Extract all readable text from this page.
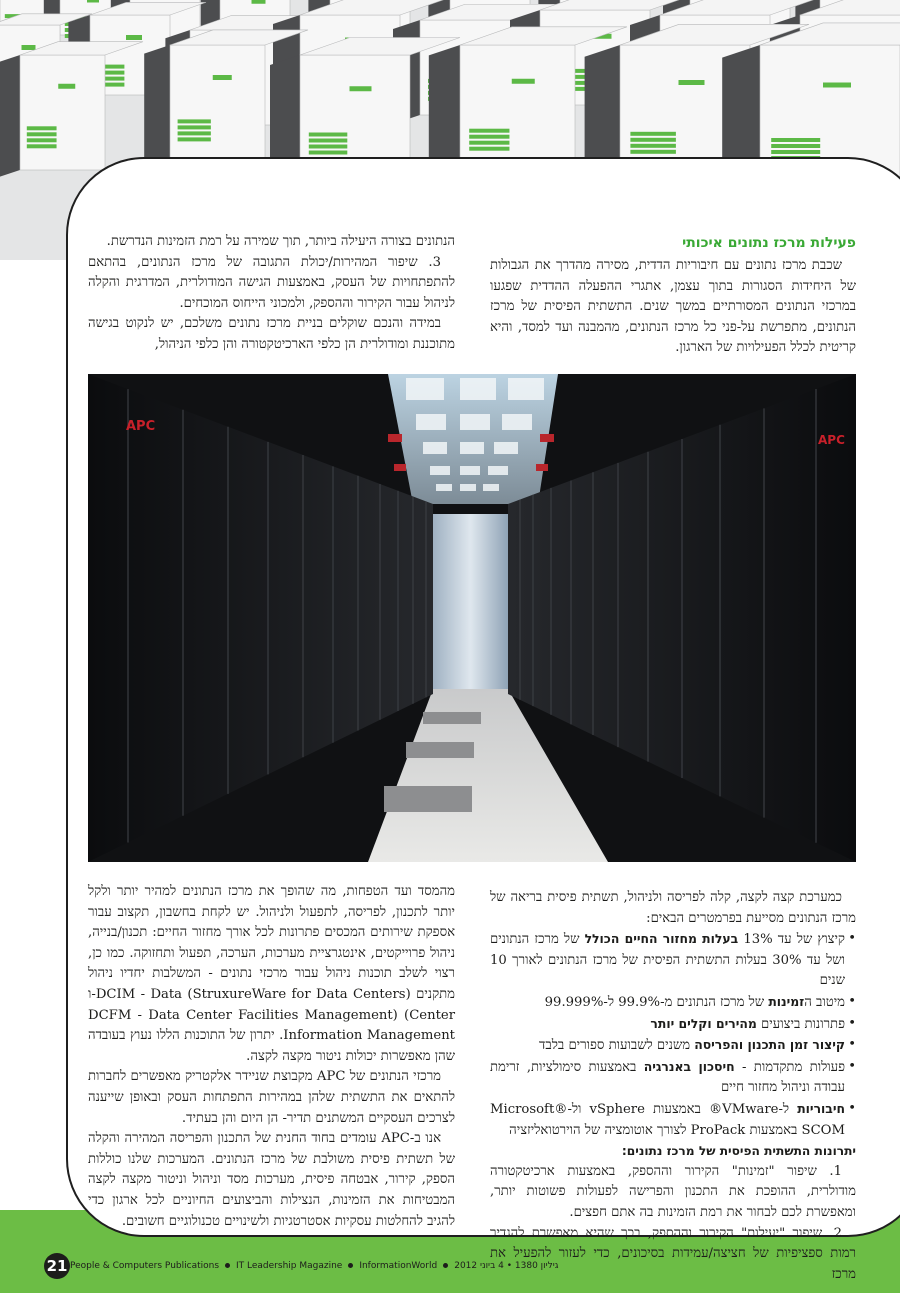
פעילות מרכז נתונים איכותי

שכבת מרכז נתונים עם חיבוריות הדדית, מסירה מהדרך את הגבולות של היחידות הסגורות בתוך עצמן, אתגרי ההפעלה ההדדית שפגעו במרכזי הנתונים המסורתיים במשך שנים. התשתית הפיסית של מרכז הנתונים, מתפרשת על-פני כל מרכז הנתונים, מהמבנה ועד למסד, והיא קריטית לכלל הפעילויות של הארגון.

הנתונים בצורה היעילה ביותר, תוך שמירה על רמת הזמינות הנדרשת.

3. שיפור המהירות/יכולת התגובה של מרכז הנתונים, בהתאם להתפתחויות של העסק, באמצעות הגישה המודולרית, המדרגית והקלה לניהול עבור הקירור וההספק, ולמכוני הייחוס המוכחים.

במידה והנכם שוקלים בניית מרכז נתונים משלכם, יש לנקוט בגישה מתוכננת ומודולרית הן כלפי הארכיטקטורה והן כלפי הניהול,

APC
APC

כמערכת קצה לקצה, קלה לפריסה ולניהול, תשתית פיסית בריאה של מרכז הנתונים מסייעת בפרמטרים הבאים:

• קיצוץ של עד 13% בעלות מחזור החיים הכולל של מרכז הנתונים ושל עד 30% בעלות התשתית הפיסית של מרכז הנתונים לאורך 10 שנים
• מיטוב הזמינות של מרכז הנתונים מ-99.9% ל-99.999%
• פתרונות ביצועים מהירים וקלים יותר
• קיצור זמן התכנון והפריסה משנים לשבועות ספורים בלבד
• פעולות מתקדמות - חיסכון באנרגיה באמצעות סימולציות, זרימת עבודה וניהול מחזור חיים
• חיבוריות ל-VMware® באמצעות vSphere ול-Microsoft® SCOM באמצעות ProPack לצורך אוטומציה של הוירטואליזציה

יתרונות התשתית הפיסית של מרכז נתונים:

1. שיפור "זמינות" הקירור וההספק, באמצעות ארכיטקטורה מודולרית, ההופכת את התכנון והפרישה לפעולות פשוטות יותר, ומאפשרת לכם לבחור את רמת הזמינות בה אתם חפצים.

2. שיפור "יעילות" הקירור וההספק, בכך שהיא מאפשרת להגדיר רמות ספציפיות של חציצה/עמידות בסיכונים, כדי לעזור להפעיל את מרכז

מהמסד ועד הטפחות, מה שהופך את מרכז הנתונים למהיר יותר ולקל יותר לתכנון, לפריסה, לתפעול ולניהול. יש לקחת בחשבון, תקצוב עבור אספקת שירותים המכסים פתרונות לכל אורך מחזור החיים: תכנון/בנייה, ניהול פרוייקטים, אינטגרציית מערכות, הערכה, תפעול ותחזוקה. כמו כן, רצוי לשלב תוכנות ניהול עבור מרכזי נתונים - המשלבות יחדיו ניהול מתקנים (StruxureWare for Data Centers) DCIM - Data-ו DCFM - Data Center Facilities Management) (Center Information Management. יתרון של התוכנות הללו נעוץ בעובדה שהן מאפשרות יכולות ניטור מקצה לקצה.

מרכזי הנתונים של APC מקבוצת שניידר אלקטריק מאפשרים לחברות להתאים את התשתית שלהן במהירות התפתחות העסק ובאופן שייענה לצרכים העסקיים המשתנים תדיר- הן היום והן בעתיד.

אנו ב-APC עומדים בחוד החנית של התכנון והפריסה המהירה והקלה של תשתית פיסית משולבת של מרכז הנתונים. המערכות שלנו כוללות הספק, קירור, אבטחה פיסית, מערכות מסד וניהול וניטור מקצה לקצה המבטיחות את הזמינות, הנצילות והביצועים החיוניים לכל ארגון כדי להגיב להחלטות עסקיות אסטרטגיות ולשינויים טכנולוגיים חשובים.

21 People & Computers Publications IT Leadership Magazine InformationWorld גיליון 1380 • 4 ביוני 2012
